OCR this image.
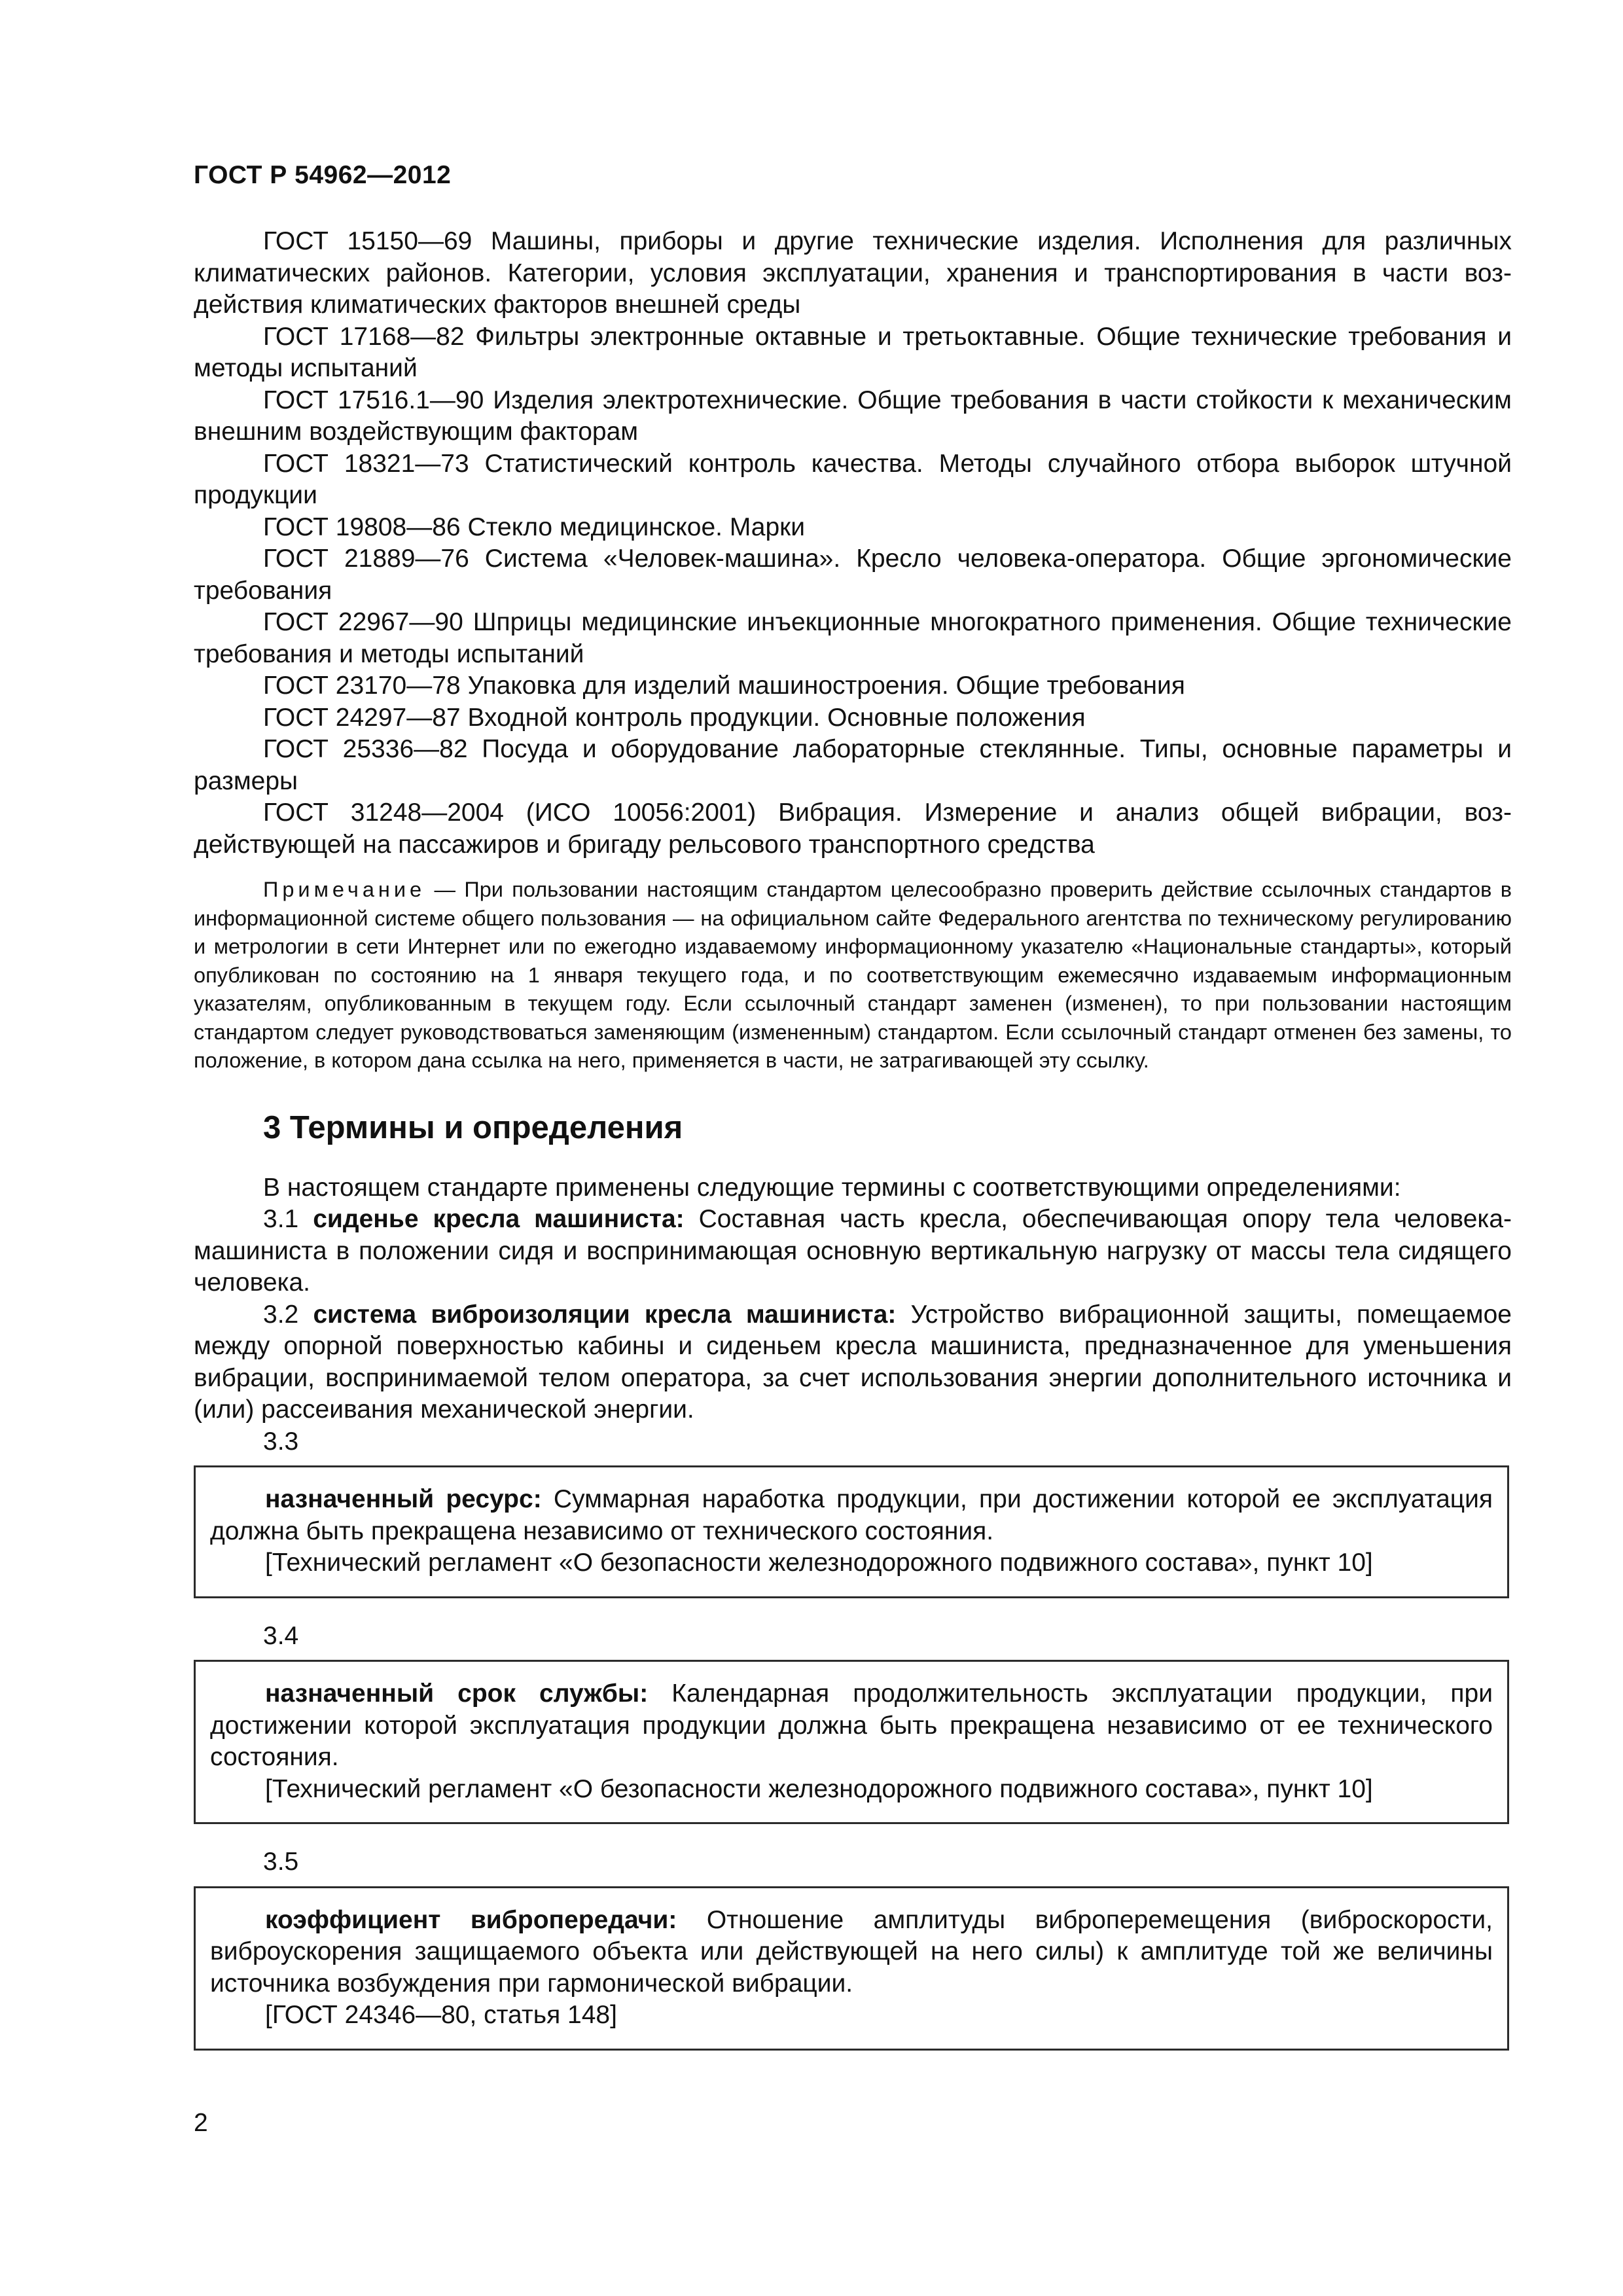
ГОСТ Р 54962—2012

ГОСТ 15150—69 Машины, приборы и другие технические изделия. Исполнения для различных климатических районов. Категории, условия эксплуатации, хранения и транспортирования в части воздействия климатических факторов внешней среды

ГОСТ 17168—82 Фильтры электронные октавные и третьоктавные. Общие технические требования и методы испытаний

ГОСТ 17516.1—90 Изделия электротехнические. Общие требования в части стойкости к механическим внешним воздействующим факторам

ГОСТ 18321—73 Статистический контроль качества. Методы случайного отбора выборок штучной продукции

ГОСТ 19808—86 Стекло медицинское. Марки

ГОСТ 21889—76 Система «Человек-машина». Кресло человека-оператора. Общие эргономические требования

ГОСТ 22967—90 Шприцы медицинские инъекционные многократного применения. Общие технические требования и методы испытаний

ГОСТ 23170—78 Упаковка для изделий машиностроения. Общие требования

ГОСТ 24297—87 Входной контроль продукции. Основные положения

ГОСТ 25336—82 Посуда и оборудование лабораторные стеклянные. Типы, основные параметры и размеры

ГОСТ 31248—2004 (ИСО 10056:2001) Вибрация. Измерение и анализ общей вибрации, воздействующей на пассажиров и бригаду рельсового транспортного средства

Примечание — При пользовании настоящим стандартом целесообразно проверить действие ссылочных стандартов в информационной системе общего пользования — на официальном сайте Федерального агентства по техническому регулированию и метрологии в сети Интернет или по ежегодно издаваемому информационному указателю «Национальные стандарты», который опубликован по состоянию на 1 января текущего года, и по соответствующим ежемесячно издаваемым информационным указателям, опубликованным в текущем году. Если ссылочный стандарт заменен (изменен), то при пользовании настоящим стандартом следует руководствоваться заменяющим (измененным) стандартом. Если ссылочный стандарт отменен без замены, то положение, в котором дана ссылка на него, применяется в части, не затрагивающей эту ссылку.

3 Термины и определения

В настоящем стандарте применены следующие термины с соответствующими определениями:

3.1 сиденье кресла машиниста: Составная часть кресла, обеспечивающая опору тела человека-машиниста в положении сидя и воспринимающая основную вертикальную нагрузку от массы тела сидящего человека.

3.2 система виброизоляции кресла машиниста: Устройство вибрационной защиты, помещаемое между опорной поверхностью кабины и сиденьем кресла машиниста, предназначенное для уменьшения вибрации, воспринимаемой телом оператора, за счет использования энергии дополнительного источника и (или) рассеивания механической энергии.

3.3

назначенный ресурс: Суммарная наработка продукции, при достижении которой ее эксплуатация должна быть прекращена независимо от технического состояния.

[Технический регламент «О безопасности железнодорожного подвижного состава», пункт 10]

3.4

назначенный срок службы: Календарная продолжительность эксплуатации продукции, при достижении которой эксплуатация продукции должна быть прекращена независимо от ее технического состояния.

[Технический регламент «О безопасности железнодорожного подвижного состава», пункт 10]

3.5

коэффициент вибропередачи: Отношение амплитуды виброперемещения (виброскорости, виброускорения защищаемого объекта или действующей на него силы) к амплитуде той же величины источника возбуждения при гармонической вибрации.

[ГОСТ 24346—80, статья 148]

2
